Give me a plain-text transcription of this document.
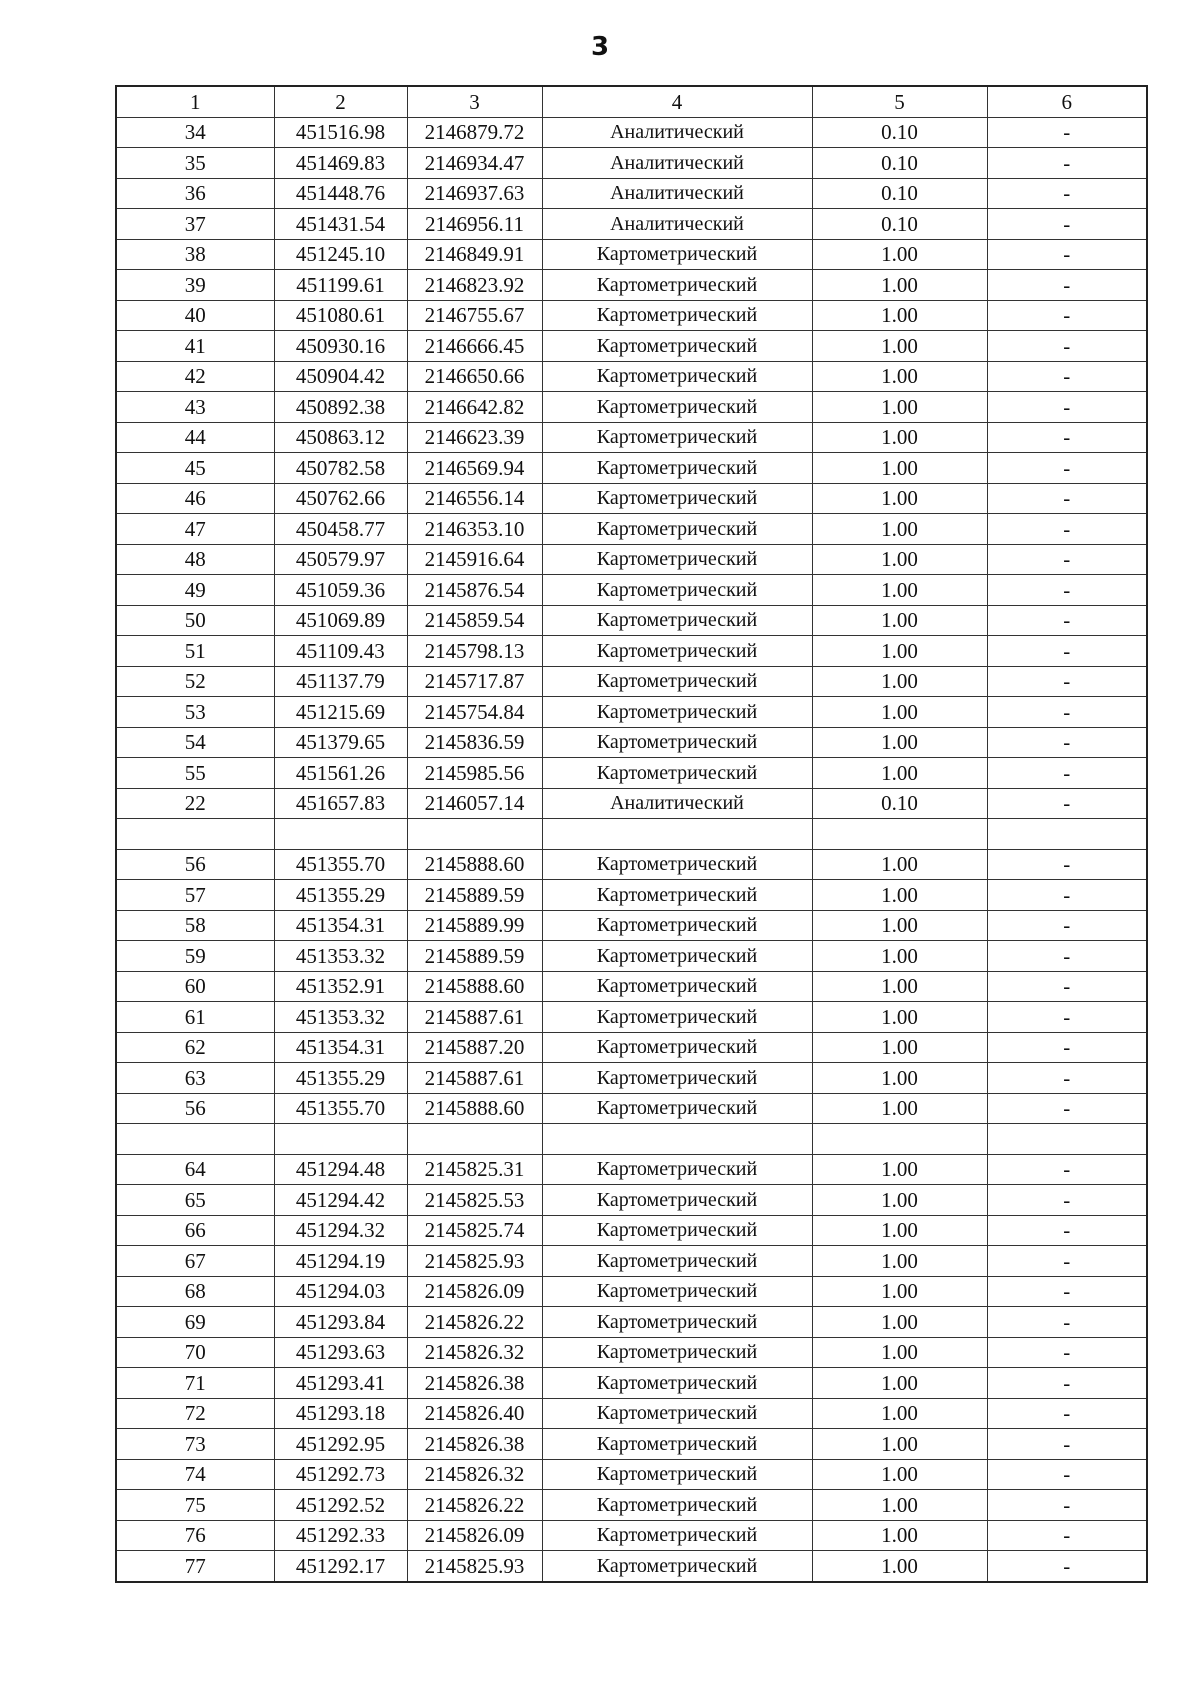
3
1	2	3	4	5	6
34	451516.98	2146879.72	Аналитический	0.10	-
35	451469.83	2146934.47	Аналитический	0.10	-
36	451448.76	2146937.63	Аналитический	0.10	-
37	451431.54	2146956.11	Аналитический	0.10	-
38	451245.10	2146849.91	Картометрический	1.00	-
39	451199.61	2146823.92	Картометрический	1.00	-
40	451080.61	2146755.67	Картометрический	1.00	-
41	450930.16	2146666.45	Картометрический	1.00	-
42	450904.42	2146650.66	Картометрический	1.00	-
43	450892.38	2146642.82	Картометрический	1.00	-
44	450863.12	2146623.39	Картометрический	1.00	-
45	450782.58	2146569.94	Картометрический	1.00	-
46	450762.66	2146556.14	Картометрический	1.00	-
47	450458.77	2146353.10	Картометрический	1.00	-
48	450579.97	2145916.64	Картометрический	1.00	-
49	451059.36	2145876.54	Картометрический	1.00	-
50	451069.89	2145859.54	Картометрический	1.00	-
51	451109.43	2145798.13	Картометрический	1.00	-
52	451137.79	2145717.87	Картометрический	1.00	-
53	451215.69	2145754.84	Картометрический	1.00	-
54	451379.65	2145836.59	Картометрический	1.00	-
55	451561.26	2145985.56	Картометрический	1.00	-
22	451657.83	2146057.14	Аналитический	0.10	-

56	451355.70	2145888.60	Картометрический	1.00	-
57	451355.29	2145889.59	Картометрический	1.00	-
58	451354.31	2145889.99	Картометрический	1.00	-
59	451353.32	2145889.59	Картометрический	1.00	-
60	451352.91	2145888.60	Картометрический	1.00	-
61	451353.32	2145887.61	Картометрический	1.00	-
62	451354.31	2145887.20	Картометрический	1.00	-
63	451355.29	2145887.61	Картометрический	1.00	-
56	451355.70	2145888.60	Картометрический	1.00	-

64	451294.48	2145825.31	Картометрический	1.00	-
65	451294.42	2145825.53	Картометрический	1.00	-
66	451294.32	2145825.74	Картометрический	1.00	-
67	451294.19	2145825.93	Картометрический	1.00	-
68	451294.03	2145826.09	Картометрический	1.00	-
69	451293.84	2145826.22	Картометрический	1.00	-
70	451293.63	2145826.32	Картометрический	1.00	-
71	451293.41	2145826.38	Картометрический	1.00	-
72	451293.18	2145826.40	Картометрический	1.00	-
73	451292.95	2145826.38	Картометрический	1.00	-
74	451292.73	2145826.32	Картометрический	1.00	-
75	451292.52	2145826.22	Картометрический	1.00	-
76	451292.33	2145826.09	Картометрический	1.00	-
77	451292.17	2145825.93	Картометрический	1.00	-
